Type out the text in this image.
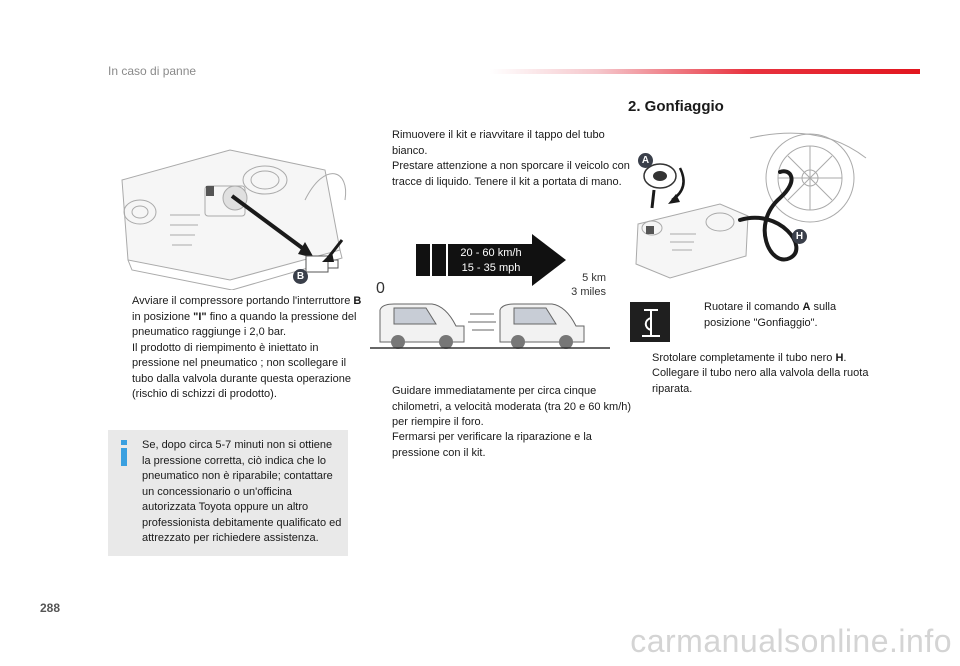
In caso di panne
B
Avviare il compressore portando l'interruttore B in posizione "I" fino a quando la pressione del pneumatico raggiunge i 2,0 bar.
Il prodotto di riempimento è iniettato in pressione nel pneumatico ; non scollegare il tubo dalla valvola durante questa operazione (rischio di schizzi di prodotto).
Se, dopo circa 5-7 minuti non si ottiene la pressione corretta, ciò indica che lo pneumatico non è riparabile; contattare un concessionario o un'officina autorizzata Toyota oppure un altro professionista debitamente qualificato ed attrezzato per richiedere assistenza.
Rimuovere il kit e riavvitare il tappo del tubo bianco.
Prestare attenzione a non sporcare il veicolo con tracce di liquido. Tenere il kit a portata di mano.
20 - 60 km/h
15 - 35 mph
5 km
3 miles
0
Guidare immediatamente per circa cinque chilometri, a velocità moderata (tra 20 e 60 km/h) per riempire il foro.
Fermarsi per verificare la riparazione e la pressione con il kit.
2. Gonfiaggio
A
H
Ruotare il comando A sulla posizione "Gonfiaggio".
Srotolare completamente il tubo nero H.
Collegare il tubo nero alla valvola della ruota riparata.
288
carmanualsonline.info
